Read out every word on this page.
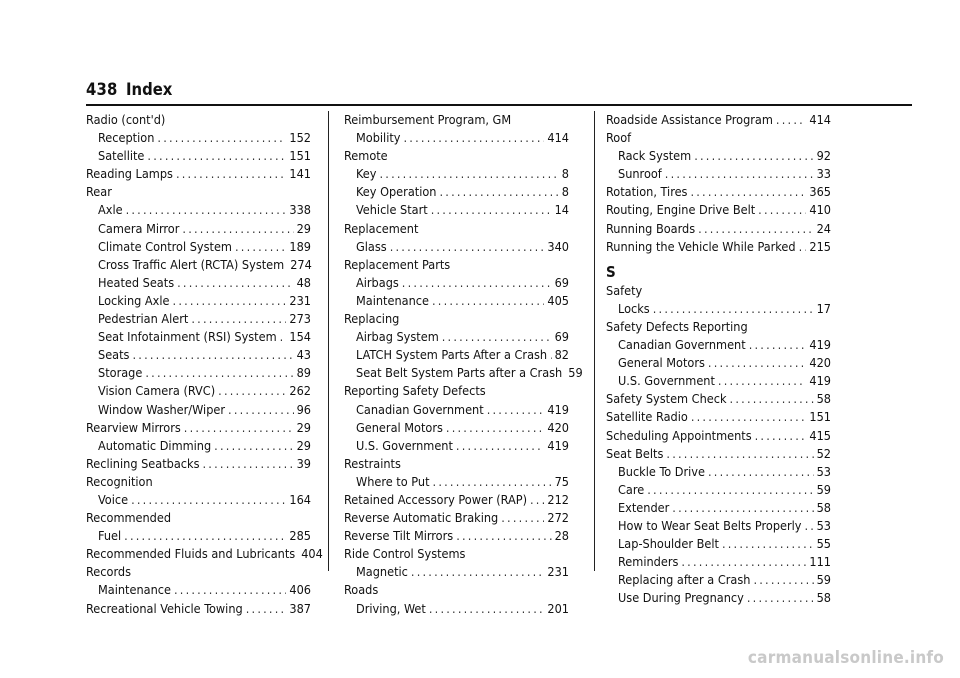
438 Index
Radio (cont'd)
Reception .....	152
Satellite .....	151
Reading Lamps .....	141
Rear
Axle .....	338
Camera Mirror .....	29
Climate Control System .....	189
Cross Traffic Alert (RCTA) System 274
Heated Seats .....	48
Locking Axle .....	231
Pedestrian Alert .....	273
Seat Infotainment (RSI) System ..... 154
Seats .....	43
Storage .....	89
Vision Camera (RVC) .....	262
Window Washer/Wiper .....	96
Rearview Mirrors .....	29
Automatic Dimming .....	29
Reclining Seatbacks .....	39
Recognition
Voice .....	164
Recommended
Fuel .....	285
Recommended Fluids and Lubricants 404
Records
Maintenance .....	406
Recreational Vehicle Towing .....	387
Reimbursement Program, GM
Mobility .....	414
Remote
Key .....	8
Key Operation .....	8
Vehicle Start .....	14
Replacement
Glass .....	340
Replacement Parts
Airbags .....	69
Maintenance .....	405
Replacing
Airbag System .....	69
LATCH System Parts After a Crash ..... 82
Seat Belt System Parts after a Crash 59
Reporting Safety Defects
Canadian Government .....	419
General Motors .....	420
U.S. Government .....	419
Restraints
Where to Put .....	75
Retained Accessory Power (RAP) ..... 212
Reverse Automatic Braking .....	272
Reverse Tilt Mirrors .....	28
Ride Control Systems
Magnetic .....	231
Roads
Driving, Wet .....	201
Roadside Assistance Program .....	414
Roof
Rack System .....	92
Sunroof .....	33
Rotation, Tires .....	365
Routing, Engine Drive Belt .....	410
Running Boards .....	24
Running the Vehicle While Parked ..... 215
S
Safety
Locks .....	17
Safety Defects Reporting
Canadian Government .....	419
General Motors .....	420
U.S. Government .....	419
Safety System Check .....	58
Satellite Radio .....	151
Scheduling Appointments .....	415
Seat Belts .....	52
Buckle To Drive .....	53
Care .....	59
Extender .....	58
How to Wear Seat Belts Properly ..... 53
Lap-Shoulder Belt .....	55
Reminders .....	111
Replacing after a Crash .....	59
Use During Pregnancy .....	58
carmanualsonline.info
